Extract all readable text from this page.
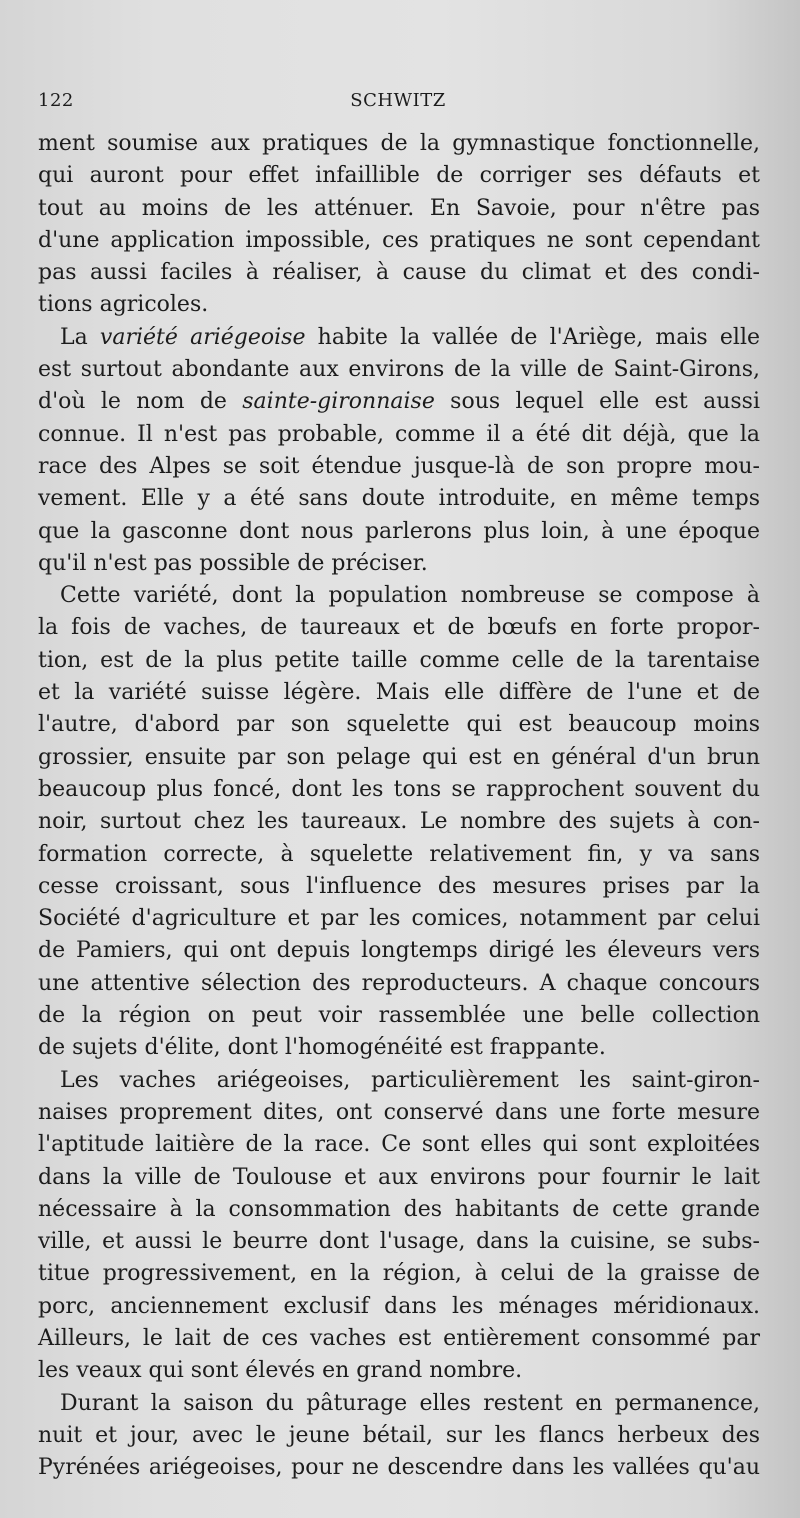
122	SCHWITZ
ment soumise aux pratiques de la gymnastique fonctionnelle,
qui auront pour effet infaillible de corriger ses défauts et
tout au moins de les atténuer. En Savoie, pour n'être pas
d'une application impossible, ces pratiques ne sont cependant
pas aussi faciles à réaliser, à cause du climat et des condi-
tions agricoles.
La variété ariégeoise habite la vallée de l'Ariège, mais elle
est surtout abondante aux environs de la ville de Saint-Girons,
d'où le nom de sainte-gironnaise sous lequel elle est aussi
connue. Il n'est pas probable, comme il a été dit déjà, que la
race des Alpes se soit étendue jusque-là de son propre mou-
vement. Elle y a été sans doute introduite, en même temps
que la gasconne dont nous parlerons plus loin, à une époque
qu'il n'est pas possible de préciser.
Cette variété, dont la population nombreuse se compose à
la fois de vaches, de taureaux et de bœufs en forte propor-
tion, est de la plus petite taille comme celle de la tarentaise
et la variété suisse légère. Mais elle diffère de l'une et de
l'autre, d'abord par son squelette qui est beaucoup moins
grossier, ensuite par son pelage qui est en général d'un brun
beaucoup plus foncé, dont les tons se rapprochent souvent du
noir, surtout chez les taureaux. Le nombre des sujets à con-
formation correcte, à squelette relativement fin, y va sans
cesse croissant, sous l'influence des mesures prises par la
Société d'agriculture et par les comices, notamment par celui
de Pamiers, qui ont depuis longtemps dirigé les éleveurs vers
une attentive sélection des reproducteurs. A chaque concours
de la région on peut voir rassemblée une belle collection
de sujets d'élite, dont l'homogénéité est frappante.
Les vaches ariégeoises, particulièrement les saint-giron-
naises proprement dites, ont conservé dans une forte mesure
l'aptitude laitière de la race. Ce sont elles qui sont exploitées
dans la ville de Toulouse et aux environs pour fournir le lait
nécessaire à la consommation des habitants de cette grande
ville, et aussi le beurre dont l'usage, dans la cuisine, se subs-
titue progressivement, en la région, à celui de la graisse de
porc, anciennement exclusif dans les ménages méridionaux.
Ailleurs, le lait de ces vaches est entièrement consommé par
les veaux qui sont élevés en grand nombre.
Durant la saison du pâturage elles restent en permanence,
nuit et jour, avec le jeune bétail, sur les flancs herbeux des
Pyrénées ariégeoises, pour ne descendre dans les vallées qu'au
